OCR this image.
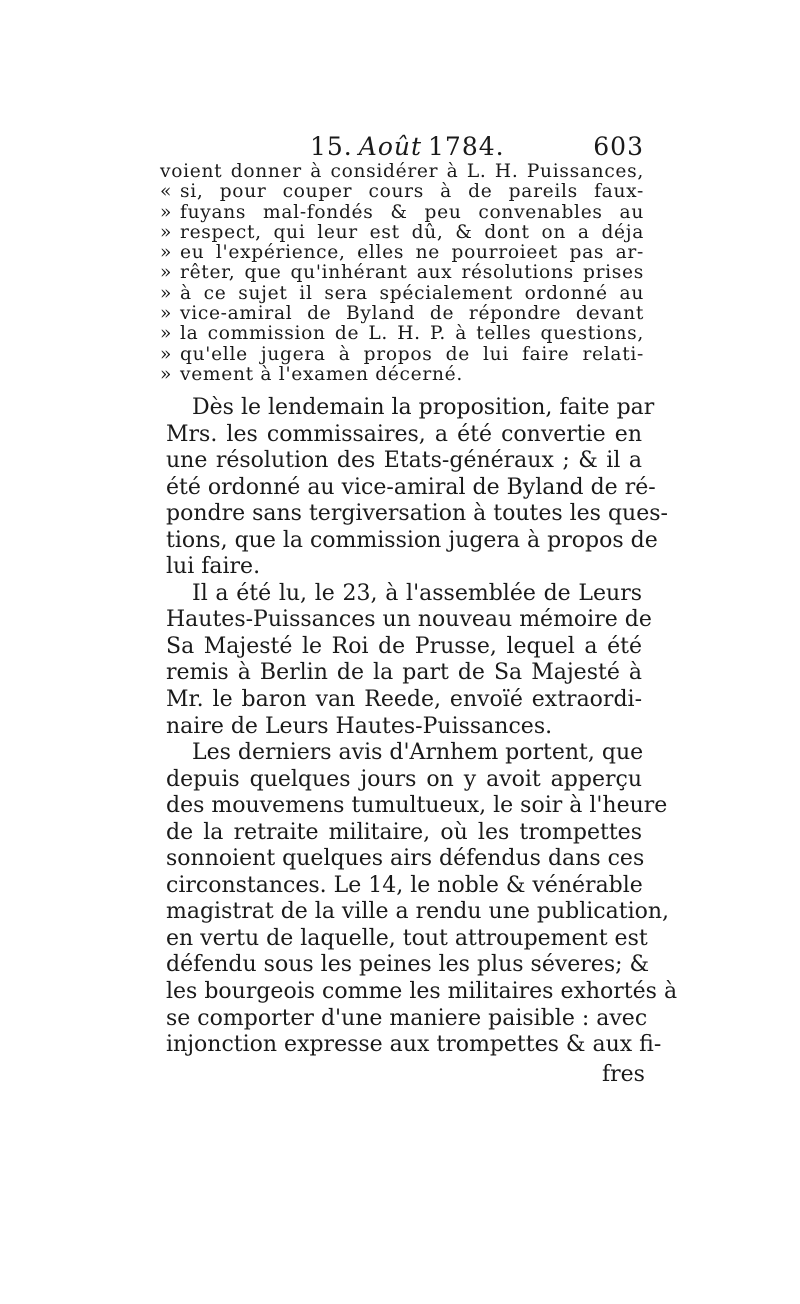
15. Août 1784.	603
voient donner à considérer à L. H. Puissances,
« si, pour couper cours à de pareils faux-
» fuyans mal-fondés & peu convenables au
» respect, qui leur est dû, & dont on a déja
» eu l'expérience, elles ne pourroieet pas ar-
» rêter, que qu'inhérant aux résolutions prises
» à ce sujet il sera spécialement ordonné au
» vice-amiral de Byland de répondre devant
» la commission de L. H. P. à telles questions,
» qu'elle jugera à propos de lui faire relati-
» vement à l'examen décerné.
Dès le lendemain la proposition, faite par
Mrs. les commissaires, a été convertie en
une résolution des Etats-généraux ; & il a
été ordonné au vice-amiral de Byland de ré-
pondre sans tergiversation à toutes les ques-
tions, que la commission jugera à propos de
lui faire.
Il a été lu, le 23, à l'assemblée de Leurs
Hautes-Puissances un nouveau mémoire de
Sa Majesté le Roi de Prusse, lequel a été
remis à Berlin de la part de Sa Majesté à
Mr. le baron van Reede, envoïé extraordi-
naire de Leurs Hautes-Puissances.
Les derniers avis d'Arnhem portent, que
depuis quelques jours on y avoit apperçu
des mouvemens tumultueux, le soir à l'heure
de la retraite militaire, où les trompettes
sonnoient quelques airs défendus dans ces
circonstances. Le 14, le noble & vénérable
magistrat de la ville a rendu une publication,
en vertu de laquelle, tout attroupement est
défendu sous les peines les plus séveres; &
les bourgeois comme les militaires exhortés à
se comporter d'une maniere paisible : avec
injonction expresse aux trompettes & aux fi-
fres
